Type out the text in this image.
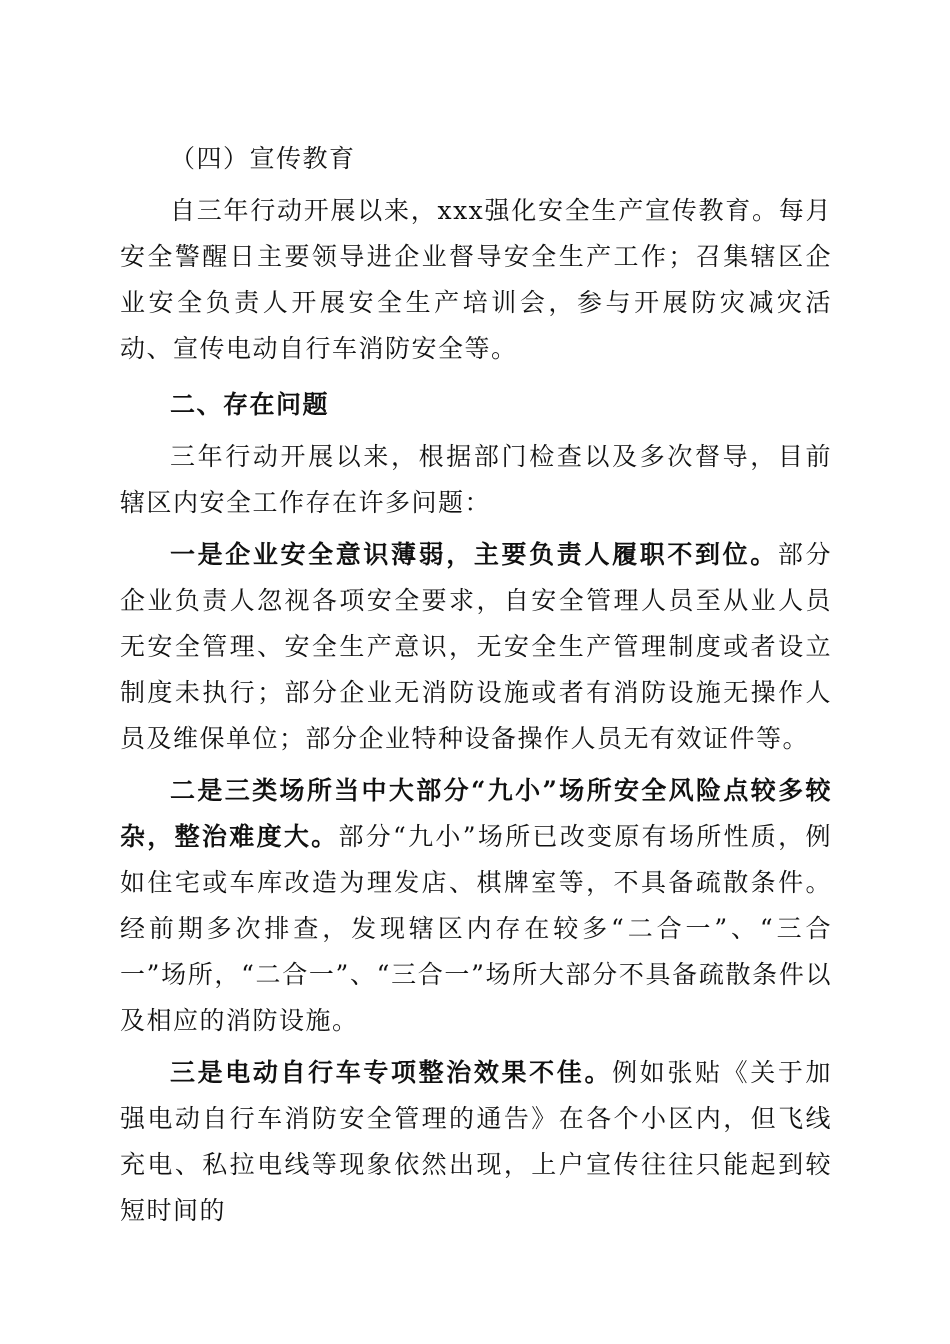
（四）宣传教育

自三年行动开展以来，xxx强化安全生产宣传教育。每月安全警醒日主要领导进企业督导安全生产工作；召集辖区企业安全负责人开展安全生产培训会，参与开展防灾减灾活动、宣传电动自行车消防安全等。

二、存在问题

三年行动开展以来，根据部门检查以及多次督导，目前辖区内安全工作存在许多问题：

一是企业安全意识薄弱，主要负责人履职不到位。部分企业负责人忽视各项安全要求，自安全管理人员至从业人员无安全管理、安全生产意识，无安全生产管理制度或者设立制度未执行；部分企业无消防设施或者有消防设施无操作人员及维保单位；部分企业特种设备操作人员无有效证件等。

二是三类场所当中大部分“九小”场所安全风险点较多较杂，整治难度大。部分“九小”场所已改变原有场所性质，例如住宅或车库改造为理发店、棋牌室等，不具备疏散条件。经前期多次排查，发现辖区内存在较多“二合一”、“三合一”场所，“二合一”、“三合一”场所大部分不具备疏散条件以及相应的消防设施。

三是电动自行车专项整治效果不佳。例如张贴《关于加强电动自行车消防安全管理的通告》在各个小区内，但飞线充电、私拉电线等现象依然出现，上户宣传往往只能起到较短时间的
